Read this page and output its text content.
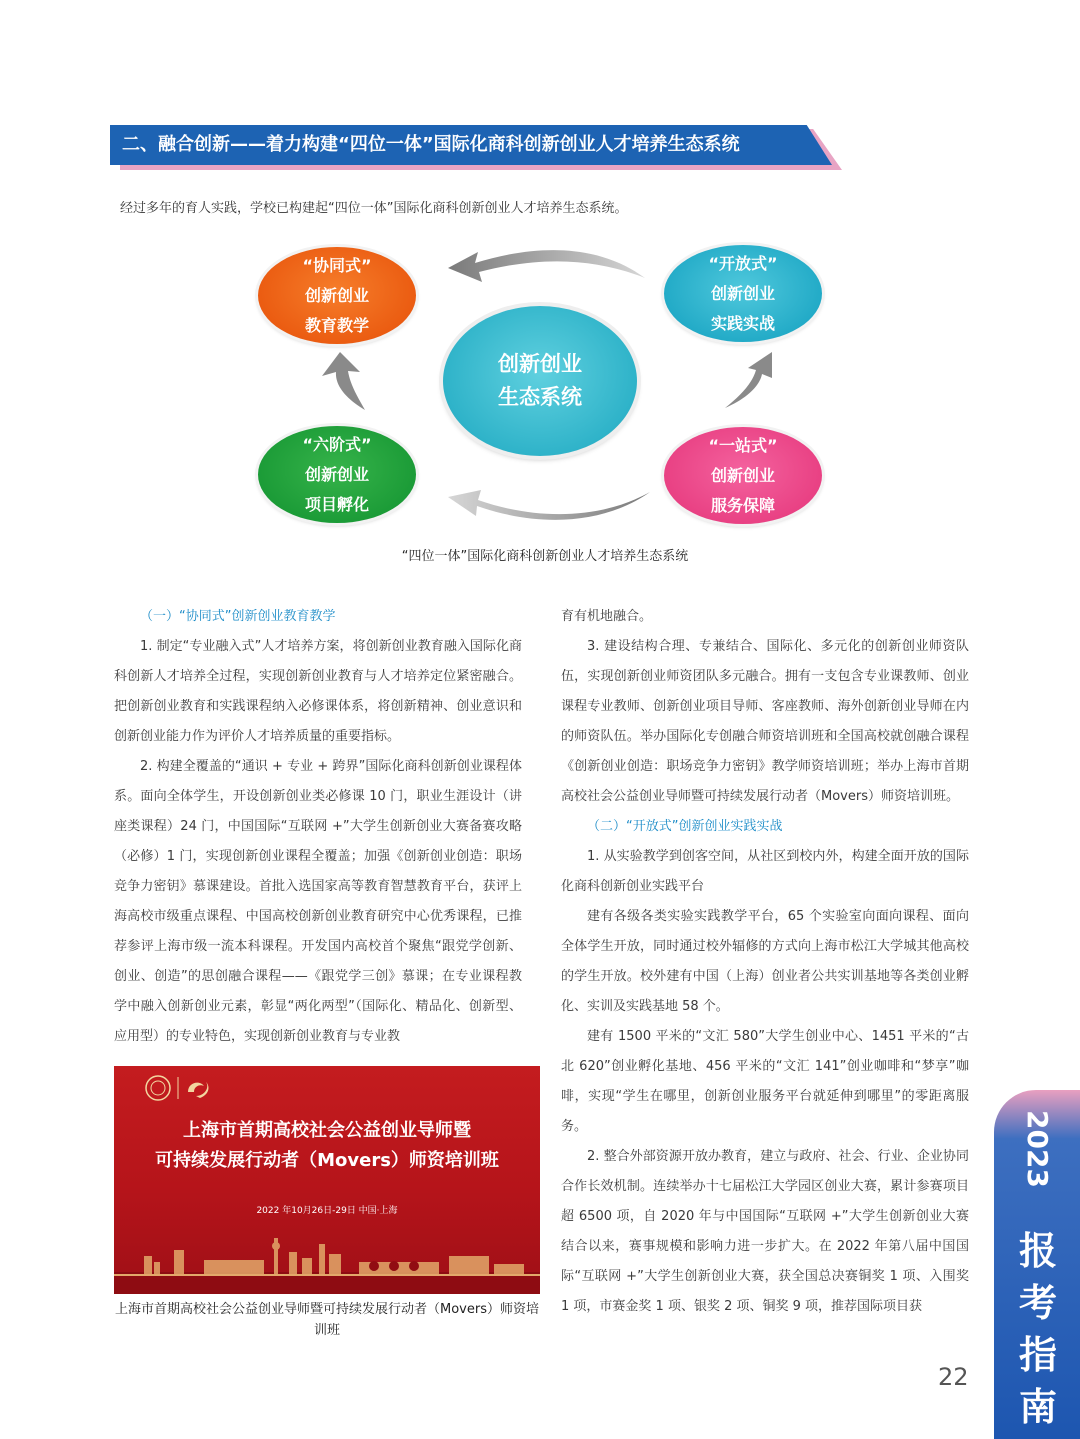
二、融合创新——着力构建“四位一体”国际化商科创新创业人才培养生态系统
经过多年的育人实践，学校已构建起“四位一体”国际化商科创新创业人才培养生态系统。
“协同式”
创新创业
教育教学
“开放式”
创新创业
实践实战
“六阶式”
创新创业
项目孵化
“一站式”
创新创业
服务保障
创新创业
生态系统
“四位一体”国际化商科创新创业人才培养生态系统

（一）“协同式”创新创业教育教学

1. 制定“专业融入式”人才培养方案，将创新创业教育融入国际化商科创新人才培养全过程，实现创新创业教育与人才培养定位紧密融合。把创新创业教育和实践课程纳入必修课体系，将创新精神、创业意识和创新创业能力作为评价人才培养质量的重要指标。

2. 构建全覆盖的“通识 + 专业 + 跨界”国际化商科创新创业课程体系。面向全体学生，开设创新创业类必修课 10 门，职业生涯设计（讲座类课程）24 门，中国国际“互联网 +”大学生创新创业大赛备赛攻略（必修）1 门，实现创新创业课程全覆盖；加强《创新创业创造：职场竞争力密钥》慕课建设。首批入选国家高等教育智慧教育平台，获评上海高校市级重点课程、中国高校创新创业教育研究中心优秀课程，已推荐参评上海市级一流本科课程。开发国内高校首个聚焦“跟党学创新、创业、创造”的思创融合课程——《跟党学三创》慕课；在专业课程教学中融入创新创业元素，彰显“两化两型”（国际化、精品化、创新型、应用型）的专业特色，实现创新创业教育与专业教

上海市首期高校社会公益创业导师暨
可持续发展行动者（Movers）师资培训班
2022 年10月26日-29日 中国·上海
上海市首期高校社会公益创业导师暨可持续发展行动者（Movers）师资培训班

育有机地融合。

3. 建设结构合理、专兼结合、国际化、多元化的创新创业师资队伍，实现创新创业师资团队多元融合。拥有一支包含专业课教师、创业课程专业教师、创新创业项目导师、客座教师、海外创新创业导师在内的师资队伍。举办国际化专创融合师资培训班和全国高校就创融合课程《创新创业创造：职场竞争力密钥》教学师资培训班；举办上海市首期高校社会公益创业导师暨可持续发展行动者（Movers）师资培训班。

（二）“开放式”创新创业实践实战

1. 从实验教学到创客空间，从社区到校内外，构建全面开放的国际化商科创新创业实践平台

建有各级各类实验实践教学平台，65 个实验室向面向课程、面向全体学生开放，同时通过校外辐修的方式向上海市松江大学城其他高校的学生开放。校外建有中国（上海）创业者公共实训基地等各类创业孵化、实训及实践基地 58 个。

建有 1500 平米的“文汇 580”大学生创业中心、1451 平米的“古北 620”创业孵化基地、456 平米的“文汇 141”创业咖啡和“梦享”咖啡，实现“学生在哪里，创新创业服务平台就延伸到哪里”的零距离服务。

2. 整合外部资源开放办教育，建立与政府、社会、行业、企业协同合作长效机制。连续举办十七届松江大学园区创业大赛，累计参赛项目超 6500 项，自 2020 年与中国国际“互联网 +”大学生创新创业大赛结合以来，赛事规模和影响力进一步扩大。在 2022 年第八届中国国际“互联网 +”大学生创新创业大赛，获全国总决赛铜奖 1 项、入围奖 1 项，市赛金奖 1 项、银奖 2 项、铜奖 9 项，推荐国际项目获

22
2023
报
考
指
南
